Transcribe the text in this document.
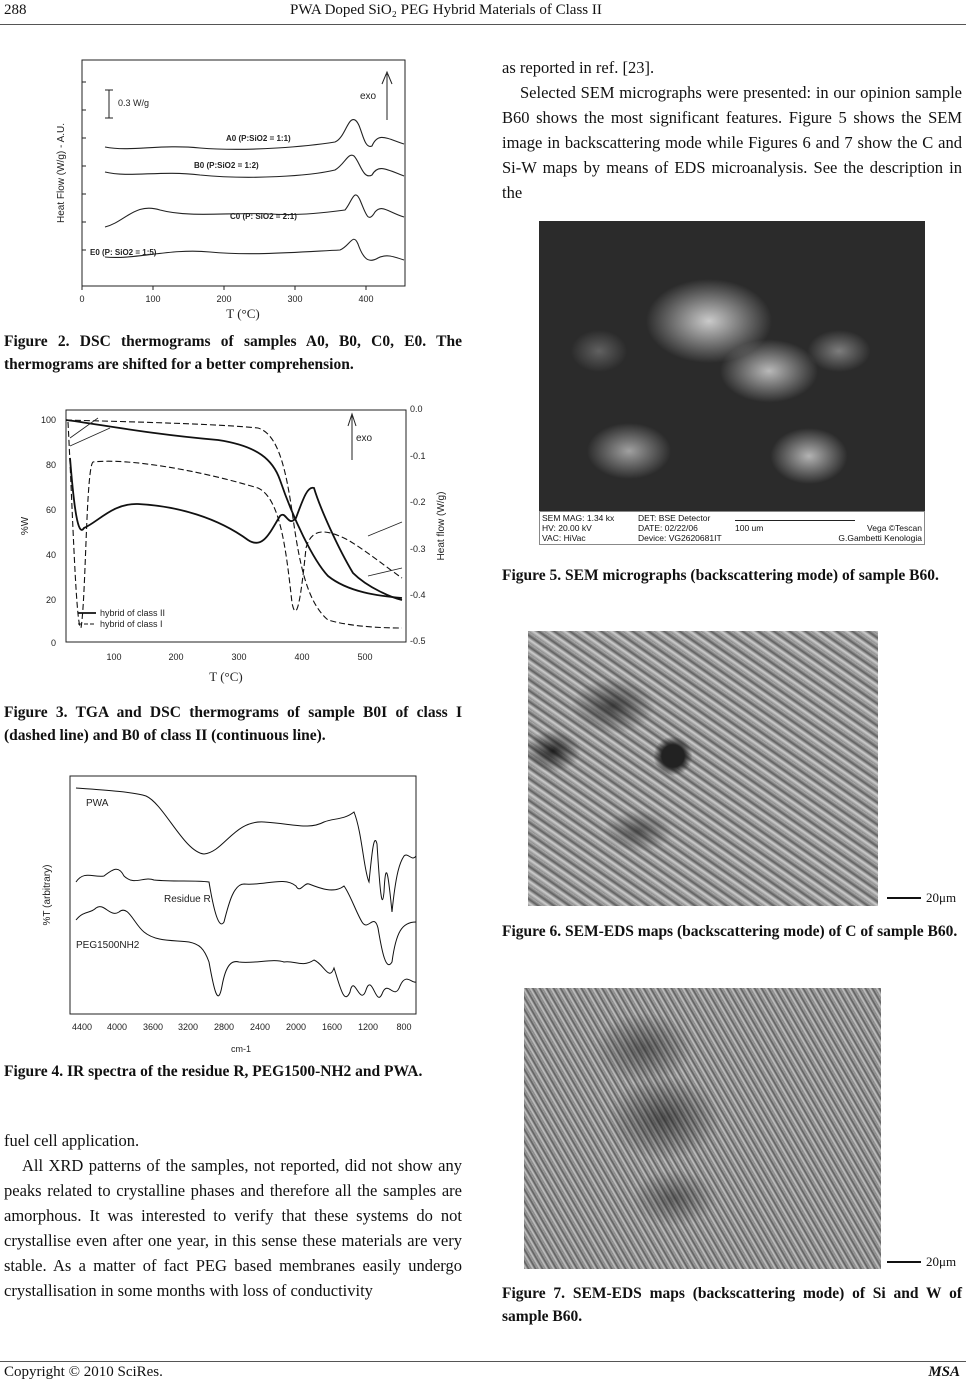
288	PWA Doped SiO₂ PEG Hybrid Materials of Class II
0	100	200	300	400
T (°C)
Heat Flow (W/g) - A.U.
0.3 W/g
exo
A0 (P:SiO2 = 1:1)
B0 (P:SiO2 = 1:2)
C0 (P: SiO2 = 2:1)
E0 (P: SiO2 = 1:5)

Figure 2. DSC thermograms of samples A0, B0, C0, E0. The thermograms are shifted for a better comprehension.

100
80
60
40
20
0
0.0
-0.1
-0.2
-0.3
-0.4
-0.5
100	200	300	400	500
T (°C)
%W	Heat flow (W/g)
exo
hybrid of class II
hybrid of class I

Figure 3. TGA and DSC thermograms of sample B0I of class I (dashed line) and B0 of class II (continuous line).

4400 4000 3600 3200 2800 2400 2000 1600 1200 800
cm-1
%T (arbitrary)
PWA
Residue R
PEG1500NH2

Figure 4. IR spectra of the residue R, PEG1500-NH2 and PWA.

fuel cell application.

All XRD patterns of the samples, not reported, did not show any peaks related to crystalline phases and therefore all the samples are amorphous. It was interested to verify that these systems do not crystallise even after one year, in this sense these materials are very stable. As a matter of fact PEG based membranes easily undergo crystallisation in some months with loss of conductivity

as reported in ref. [23].

Selected SEM micrographs were presented: in our opinion sample B60 shows the most significant features. Figure 5 shows the SEM image in backscattering mode while Figures 6 and 7 show the C and Si-W maps by means of EDS microanalysis. See the description in the

SEM MAG: 1.34 kx
HV: 20.00 kV
VAC: HiVac
DET: BSE Detector
DATE: 02/22/06
Device: VG2620681IT
100 um	Vega ©Tescan
G.Gambetti Kenologia

Figure 5. SEM micrographs (backscattering mode) of sample B60.

20μm

Figure 6. SEM-EDS maps (backscattering mode) of C of sample B60.

20μm

Figure 7. SEM-EDS maps (backscattering mode) of Si and W of sample B60.

Copyright © 2010 SciRes.	MSA
